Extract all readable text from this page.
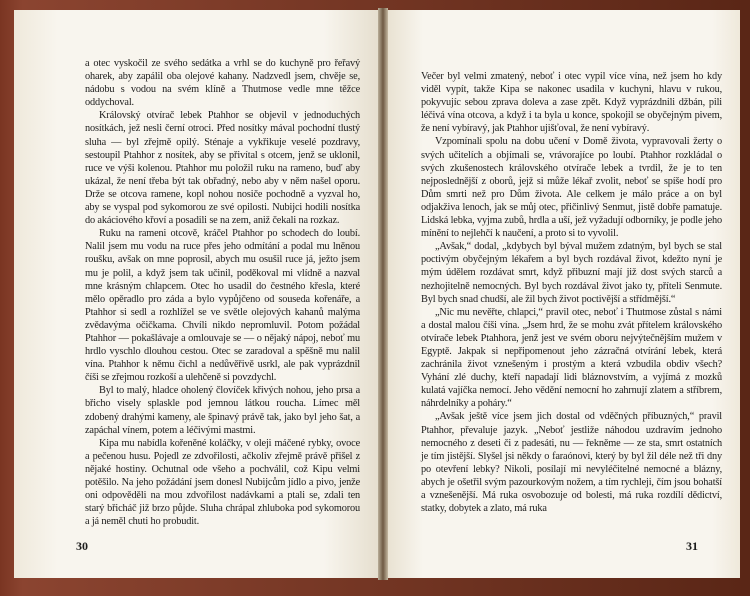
a otec vyskočil ze svého sedátka a vrhl se do kuchyně pro řeřavý oharek, aby zapálil oba olejové kahany. Nadzvedl jsem, chvěje se, nádobu s vodou na svém klíně a Thutmose vedle mne těžce oddychoval.

Královský otvírač lebek Ptahhor se objevil v jednoduchých nosítkách, jež nesli černí otroci. Před nosítky mával pochodní tlustý sluha — byl zřejmě opilý. Sténaje a vykřikuje veselé pozdravy, sestoupil Ptahhor z nosítek, aby se přivítal s otcem, jenž se uklonil, ruce ve výši kolenou. Ptahhor mu položil ruku na rameno, buď aby ukázal, že není třeba být tak obřadný, nebo aby v něm našel oporu. Drže se otcova ramene, kopl nohou nosiče pochodně a vyzval ho, aby se vyspal pod sykomorou ze své opilosti. Nubijci hodili nosítka do akáciového křoví a posadili se na zem, aniž čekali na rozkaz.

Ruku na rameni otcově, kráčel Ptahhor po schodech do loubí. Nalil jsem mu vodu na ruce přes jeho odmítání a podal mu lněnou roušku, avšak on mne poprosil, abych mu osušil ruce já, ježto jsem mu je polil, a když jsem tak učinil, poděkoval mi vlídně a nazval mne krásným chlapcem. Otec ho usadil do čestného křesla, které mělo opěradlo pro záda a bylo vypůjčeno od souseda kořenáře, a Ptahhor si sedl a rozhlížel se ve světle olejových kahanů malýma zvědavýma očičkama. Chvíli nikdo nepromluvil. Potom požádal Ptahhor — pokašlávaje a omlouvaje se — o nějaký nápoj, neboť mu hrdlo vyschlo dlouhou cestou. Otec se zaradoval a spěšně mu nalil vína. Ptahhor k němu čichl a nedůvěřivě usrkl, ale pak vyprázdnil číši se zřejmou rozkoší a ulehčeně si povzdychl.

Byl to malý, hladce oholený človíček křivých nohou, jeho prsa a břicho visely splaskle pod jemnou látkou roucha. Límec měl zdobený drahými kameny, ale špinavý právě tak, jako byl jeho šat, a zapáchal vínem, potem a léčivými mastmi.

Kipa mu nabídla kořeněné koláčky, v oleji máčené rybky, ovoce a pečenou husu. Pojedl ze zdvořilosti, ačkoliv zřejmě právě přišel z nějaké hostiny. Ochutnal ode všeho a pochválil, což Kipu velmi potěšilo. Na jeho požádání jsem donesl Nubijcům jídlo a pivo, jenže oni odpověděli na mou zdvořilost nadávkami a ptali se, zdali ten starý břicháč již brzo půjde. Sluha chrápal zhluboka pod sykomorou a já neměl chuti ho probudit.

30

Večer byl velmi zmatený, neboť i otec vypil více vína, než jsem ho kdy viděl vypít, takže Kipa se nakonec usadila v kuchyni, hlavu v rukou, pokyvujíc sebou zprava doleva a zase zpět. Když vyprázdnili džbán, pili léčivá vína otcova, a když i ta byla u konce, spokojil se obyčejným pivem, že není vybíravý, jak Ptahhor ujišťoval, že není vybíravý.

Vzpomínali spolu na dobu učení v Domě života, vypravovali žerty o svých učitelích a objímali se, vrávorajíce po loubí. Ptahhor rozkládal o svých zkušenostech královského otvírače lebek a tvrdil, že je to ten nejposlednější z oborů, jejž si může lékař zvolit, neboť se spíše hodí pro Dům smrti než pro Dům života. Ale celkem je málo práce a on byl odjakživa lenoch, jak se můj otec, přičinlivý Senmut, jistě dobře pamatuje. Lidská lebka, vyjma zubů, hrdla a uší, jež vyžadují odborníky, je podle jeho mínění to nejlehčí k naučení, a proto si to vyvolil.

„Avšak,“ dodal, „kdybych byl býval mužem zdatným, byl bych se stal poctivým obyčejným lékařem a byl bych rozdával život, kdežto nyní je mým údělem rozdávat smrt, když přibuzní mají již dost svých starců a nezhojitelně nemocných. Byl bych rozdával život jako ty, příteli Senmute. Byl bych snad chudší, ale žil bych život poctivější a střídmější.“

„Nic mu nevěřte, chlapci,“ pravil otec, neboť i Thutmose zůstal s námi a dostal malou číši vína. „Jsem hrd, že se mohu zvát přítelem královského otvírače lebek Ptahhora, jenž jest ve svém oboru nejvýtečnějším mužem v Egyptě. Jakpak si nepřipomenout jeho zázračná otvírání lebek, která zachránila život vznešeným i prostým a která vzbudila obdiv všech? Vyhání zlé duchy, kteří napadají lidi bláznovstvím, a vyjímá z mozků kulatá vajíčka nemocí. Jeho vědění nemocní ho zahrnují zlatem a stříbrem, náhrdelníky a poháry.“

„Avšak ještě více jsem jich dostal od vděčných příbuzných,“ pravil Ptahhor, převaluje jazyk. „Neboť jestliže náhodou uzdravím jednoho nemocného z deseti či z padesáti, nu — řekněme — ze sta, smrt ostatních je tím jistější. Slyšel jsi někdy o faraónovi, který by byl žil déle než tři dny po otevření lebky? Nikoli, posílají mi nevyléčitelné nemocné a blázny, abych je ošetřil svým pazourkovým nožem, a tím rychleji, čím jsou bohatší a vznešenější. Má ruka osvobozuje od bolesti, má ruka rozdílí dědictví, statky, dobytek a zlato, má ruka

31
